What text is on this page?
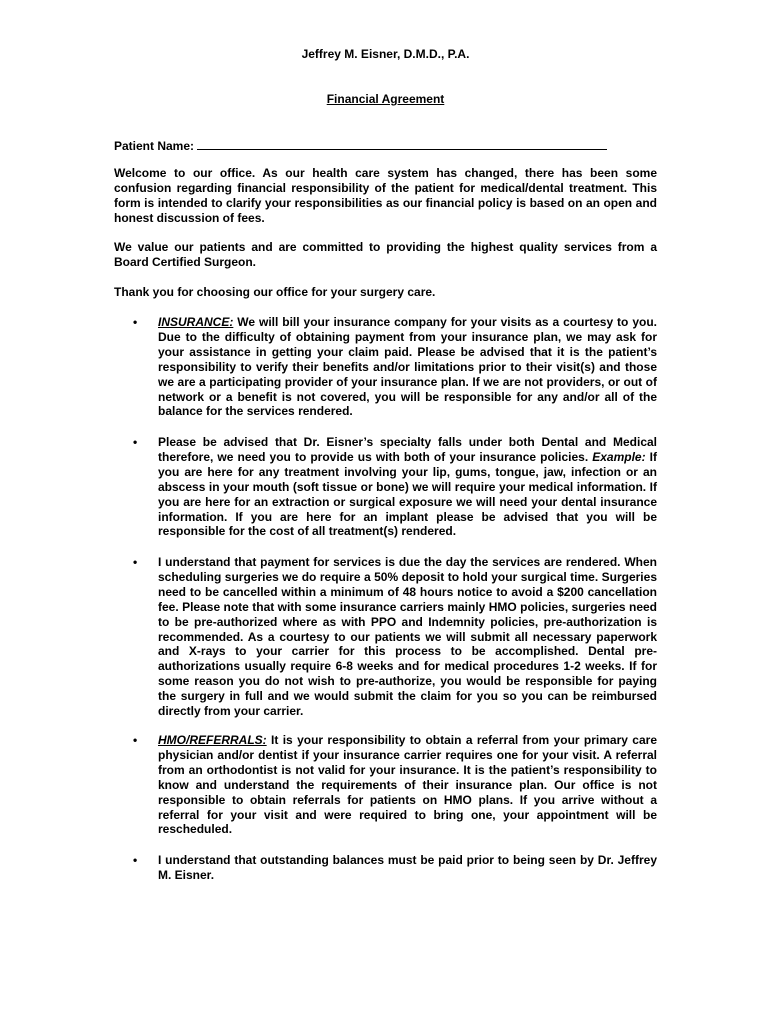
Jeffrey M. Eisner, D.M.D., P.A.
Financial Agreement
Patient Name:

Welcome to our office. As our health care system has changed, there has been some confusion regarding financial responsibility of the patient for medical/dental treatment. This form is intended to clarify your responsibilities as our financial policy is based on an open and honest discussion of fees.

We value our patients and are committed to providing the highest quality services from a Board Certified Surgeon.

Thank you for choosing our office for your surgery care.

• INSURANCE: We will bill your insurance company for your visits as a courtesy to you. Due to the difficulty of obtaining payment from your insurance plan, we may ask for your assistance in getting your claim paid. Please be advised that it is the patient’s responsibility to verify their benefits and/or limitations prior to their visit(s) and those we are a participating provider of your insurance plan. If we are not providers, or out of network or a benefit is not covered, you will be responsible for any and/or all of the balance for the services rendered.
• Please be advised that Dr. Eisner’s specialty falls under both Dental and Medical therefore, we need you to provide us with both of your insurance policies. Example: If you are here for any treatment involving your lip, gums, tongue, jaw, infection or an abscess in your mouth (soft tissue or bone) we will require your medical information. If you are here for an extraction or surgical exposure we will need your dental insurance information. If you are here for an implant please be advised that you will be responsible for the cost of all treatment(s) rendered.
• I understand that payment for services is due the day the services are rendered. When scheduling surgeries we do require a 50% deposit to hold your surgical time. Surgeries need to be cancelled within a minimum of 48 hours notice to avoid a $200 cancellation fee. Please note that with some insurance carriers mainly HMO policies, surgeries need to be pre-authorized where as with PPO and Indemnity policies, pre-authorization is recommended. As a courtesy to our patients we will submit all necessary paperwork and X-rays to your carrier for this process to be accomplished. Dental pre-authorizations usually require 6-8 weeks and for medical procedures 1-2 weeks. If for some reason you do not wish to pre-authorize, you would be responsible for paying the surgery in full and we would submit the claim for you so you can be reimbursed directly from your carrier.
• HMO/REFERRALS: It is your responsibility to obtain a referral from your primary care physician and/or dentist if your insurance carrier requires one for your visit. A referral from an orthodontist is not valid for your insurance. It is the patient’s responsibility to know and understand the requirements of their insurance plan. Our office is not responsible to obtain referrals for patients on HMO plans. If you arrive without a referral for your visit and were required to bring one, your appointment will be rescheduled.
• I understand that outstanding balances must be paid prior to being seen by Dr. Jeffrey M. Eisner.
